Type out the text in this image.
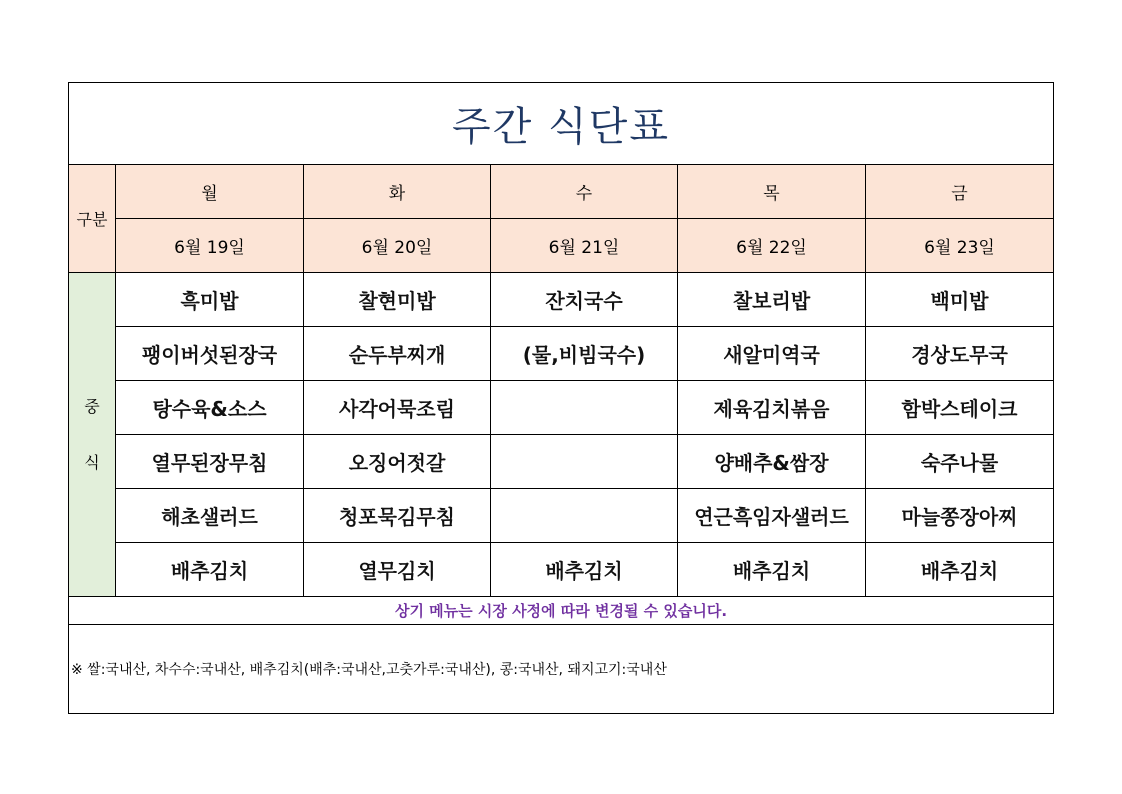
주간 식단표					
구분	월	화	수	목	금
	6월 19일	6월 20일	6월 21일	6월 22일	6월 23일

중
식	흑미밥	찰현미밥	잔치국수	찰보리밥	백미밥
	팽이버섯된장국	순두부찌개	(물,비빔국수)	새알미역국	경상도무국
	탕수육&소스	사각어묵조림		제육김치볶음	함박스테이크
	열무된장무침	오징어젓갈		양배추&쌈장	숙주나물
	해초샐러드	청포묵김무침		연근흑임자샐러드	마늘쫑장아찌
	배추김치	열무김치	배추김치	배추김치	배추김치
상기 메뉴는 시장 사정에 따라 변경될 수 있습니다.					
※ 쌀:국내산, 차수수:국내산, 배추김치(배추:국내산,고춧가루:국내산), 콩:국내산, 돼지고기:국내산					
